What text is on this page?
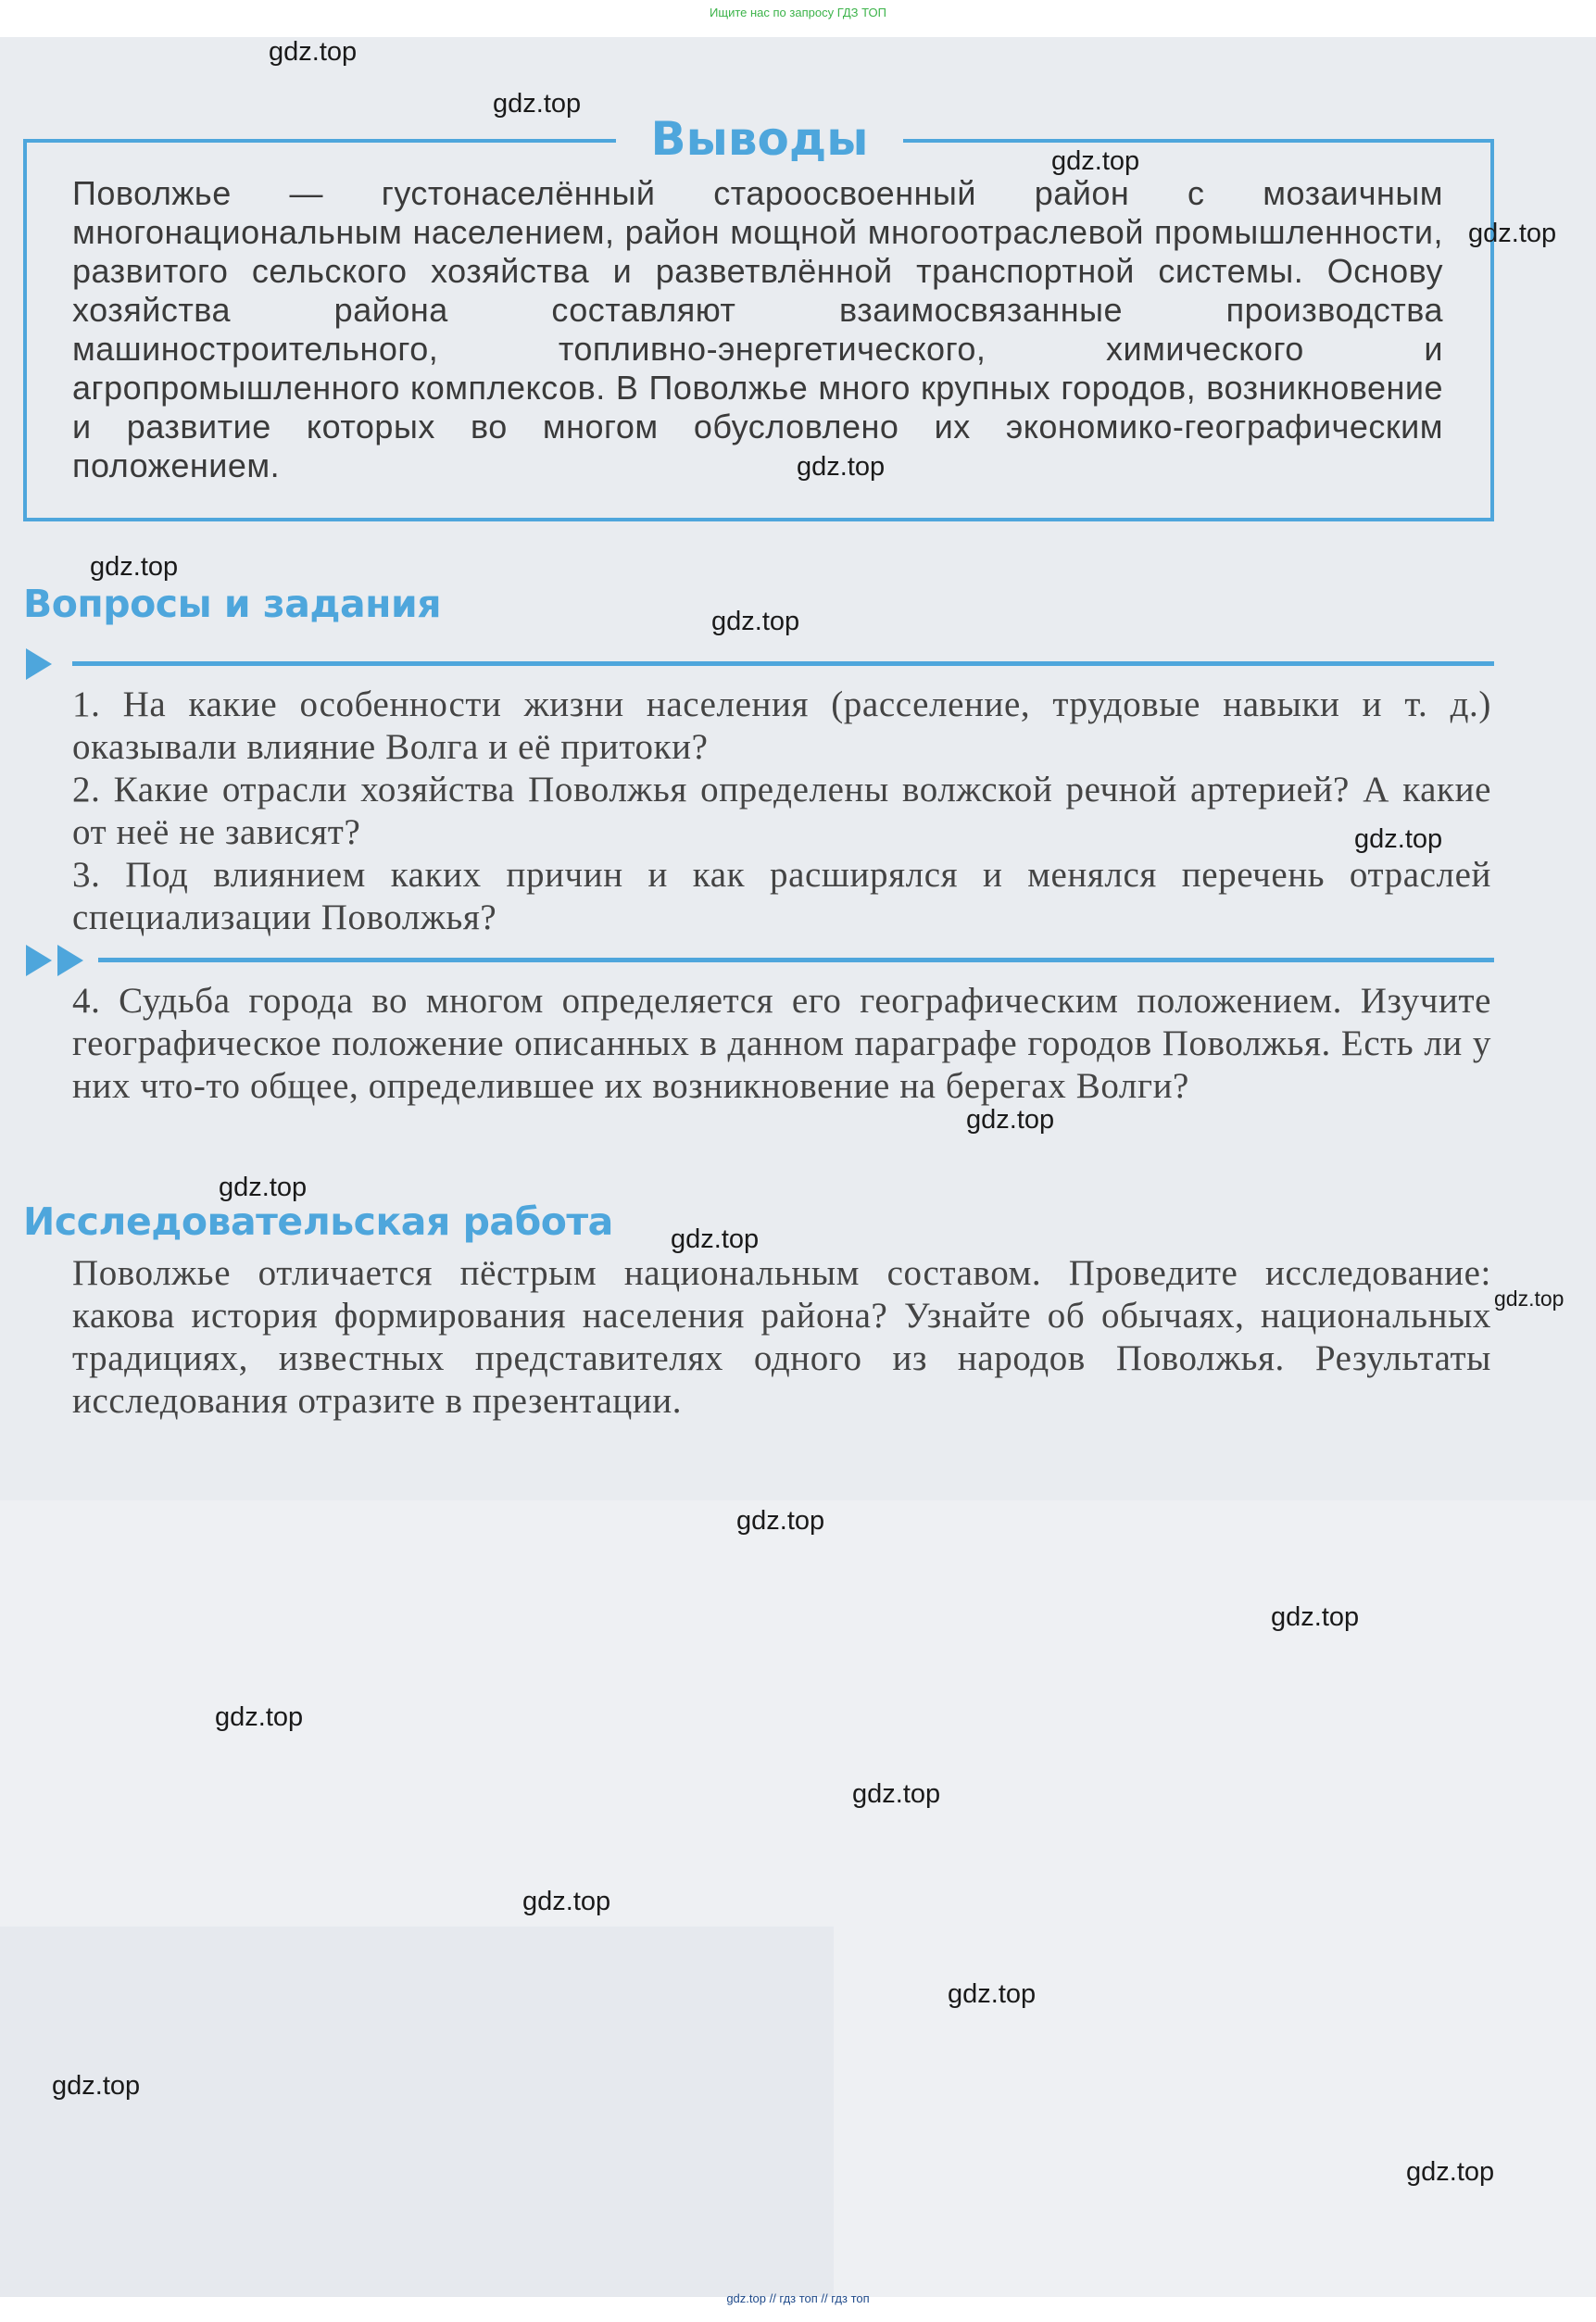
Ищите нас по запросу ГДЗ ТОП
Выводы
Поволжье — густонаселённый староосвоенный район с мозаичным многонациональным населением, район мощной многоотраслевой промышленности, развитого сельского хозяйства и разветвлённой транспортной системы. Основу хозяйства района составляют взаимосвязанные производства машиностроительного, топливно-энергетического, химического и агропромышленного комплексов. В Поволжье много крупных городов, возникновение и развитие которых во многом обусловлено их экономико-географическим положением.
Вопросы и задания
1. На какие особенности жизни населения (расселение, трудовые навыки и т. д.) оказывали влияние Волга и её притоки?
2. Какие отрасли хозяйства Поволжья определены волжской речной артерией? А какие от неё не зависят?
3. Под влиянием каких причин и как расширялся и менялся перечень отраслей специализации Поволжья?
4. Судьба города во многом определяется его географическим положением. Изучите географическое положение описанных в данном параграфе городов Поволжья. Есть ли у них что-то общее, определившее их возникновение на берегах Волги?
Исследовательская работа
Поволжье отличается пёстрым национальным составом. Проведите исследование: какова история формирования населения района? Узнайте об обычаях, национальных традициях, известных представителях одного из народов Поволжья. Результаты исследования отразите в презентации.
gdz.top
gdz.top
gdz.top
gdz.top
gdz.top
gdz.top
gdz.top
gdz.top
gdz.top
gdz.top
gdz.top
gdz.top
gdz.top
gdz.top
gdz.top
gdz.top
gdz.top
gdz.top
gdz.top
gdz.top
gdz.top // гдз топ // гдз топ
